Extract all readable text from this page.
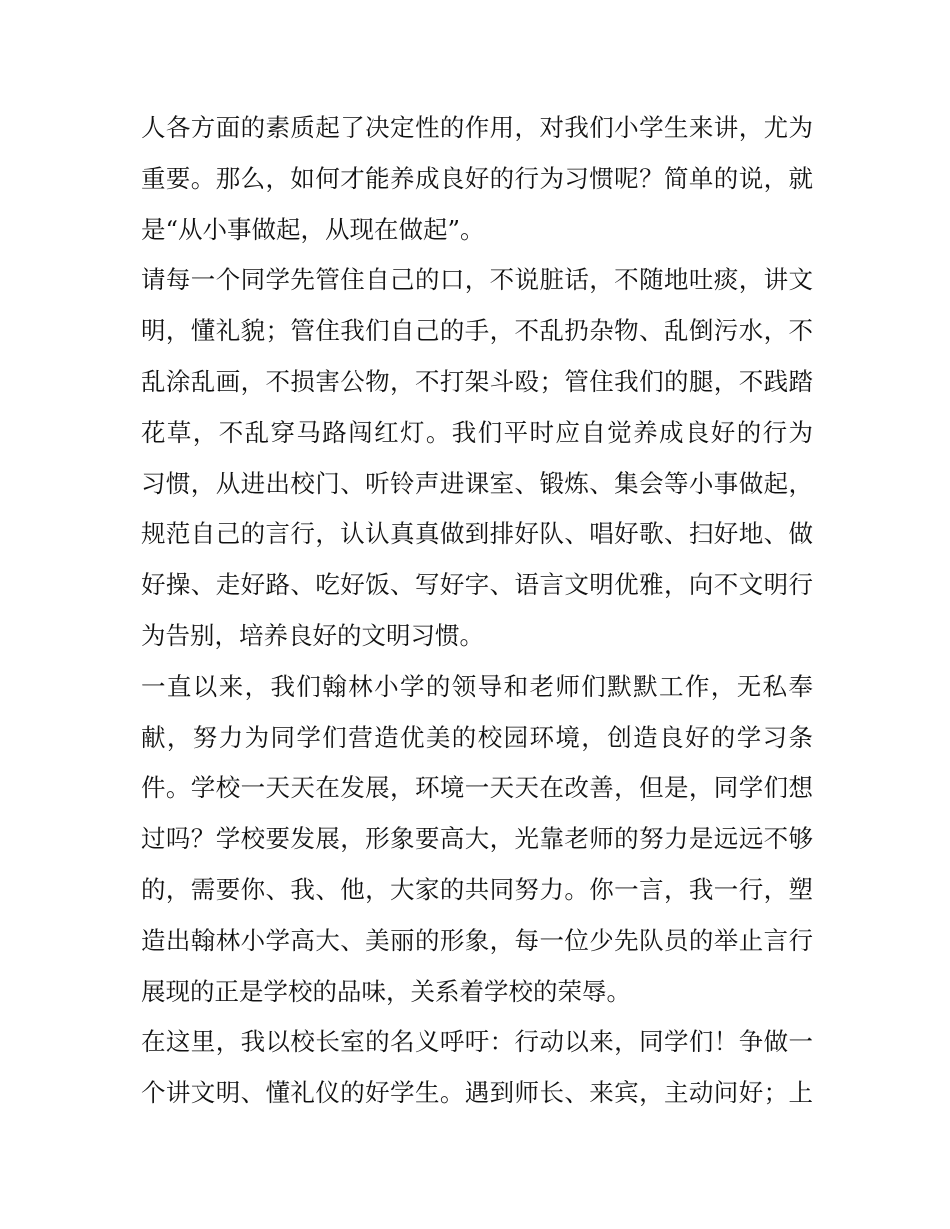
人各方面的素质起了决定性的作用，对我们小学生来讲，尤为
重要。那么，如何才能养成良好的行为习惯呢？简单的说，就
是“从小事做起，从现在做起”。
请每一个同学先管住自己的口，不说脏话，不随地吐痰，讲文
明，懂礼貌；管住我们自己的手，不乱扔杂物、乱倒污水，不
乱涂乱画，不损害公物，不打架斗殴；管住我们的腿，不践踏
花草，不乱穿马路闯红灯。我们平时应自觉养成良好的行为
习惯，从进出校门、听铃声进课室、锻炼、集会等小事做起，
规范自己的言行，认认真真做到排好队、唱好歌、扫好地、做
好操、走好路、吃好饭、写好字、语言文明优雅，向不文明行
为告别，培养良好的文明习惯。
一直以来，我们翰林小学的领导和老师们默默工作，无私奉
献，努力为同学们营造优美的校园环境，创造良好的学习条
件。学校一天天在发展，环境一天天在改善，但是，同学们想
过吗？学校要发展，形象要高大，光靠老师的努力是远远不够
的，需要你、我、他，大家的共同努力。你一言，我一行，塑
造出翰林小学高大、美丽的形象，每一位少先队员的举止言行
展现的正是学校的品味，关系着学校的荣辱。
在这里，我以校长室的名义呼吁：行动以来，同学们！争做一
个讲文明、懂礼仪的好学生。遇到师长、来宾，主动问好；上
